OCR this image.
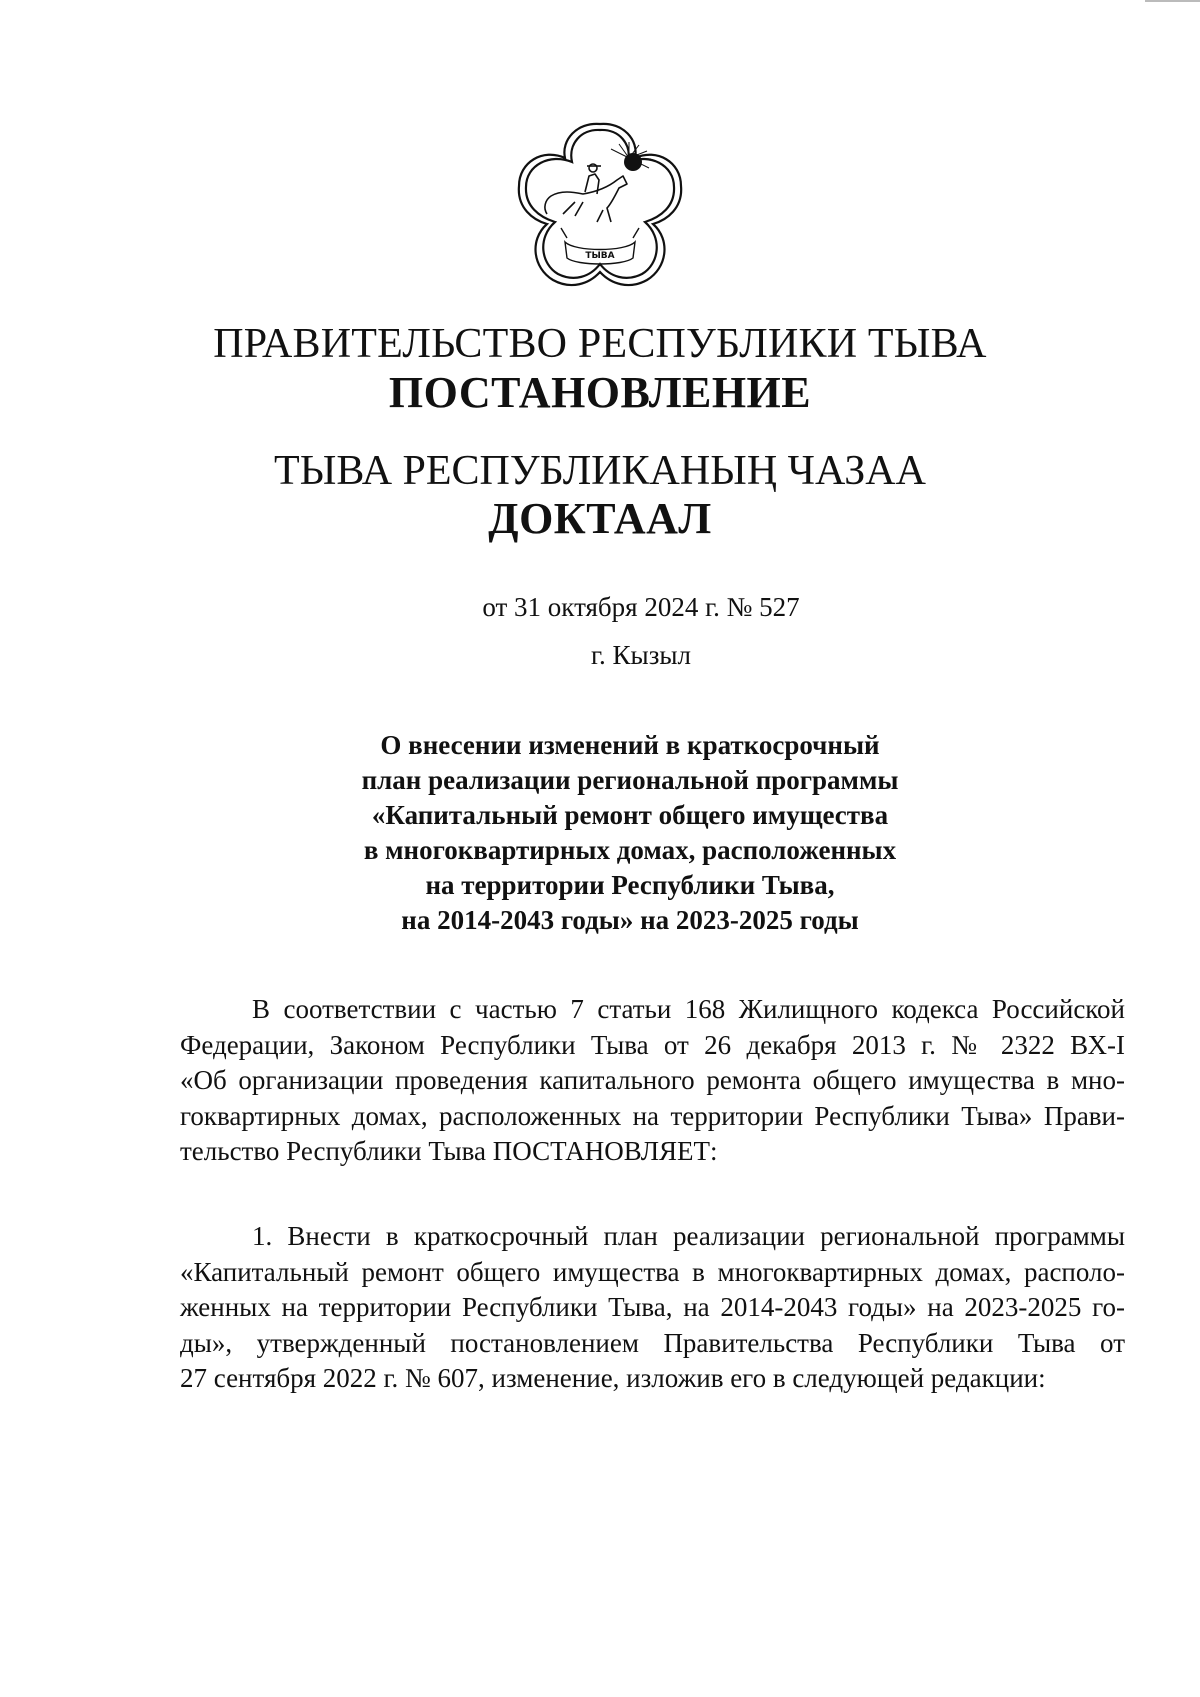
ТЫВА
ПРАВИТЕЛЬСТВО РЕСПУБЛИКИ ТЫВА
ПОСТАНОВЛЕНИЕ
ТЫВА РЕСПУБЛИКАНЫҢ ЧАЗАА
ДОКТААЛ
от 31 октября 2024 г. № 527
г. Кызыл
О внесении изменений в краткосрочный
план реализации региональной программы
«Капитальный ремонт общего имущества
в многоквартирных домах, расположенных
на территории Республики Тыва,
на 2014-2043 годы» на 2023-2025 годы
В соответствии с частью 7 статьи 168 Жилищного кодекса Российской
Федерации, Законом Республики Тыва от 26 декабря 2013 г. № 2322 ВХ-I
«Об организации проведения капитального ремонта общего имущества в мно-
гоквартирных домах, расположенных на территории Республики Тыва» Прави-
тельство Республики Тыва ПОСТАНОВЛЯЕТ:
1. Внести в краткосрочный план реализации региональной программы
«Капитальный ремонт общего имущества в многоквартирных домах, располо-
женных на территории Республики Тыва, на 2014-2043 годы» на 2023-2025 го-
ды», утвержденный постановлением Правительства Республики Тыва от
27 сентября 2022 г. № 607, изменение, изложив его в следующей редакции:
